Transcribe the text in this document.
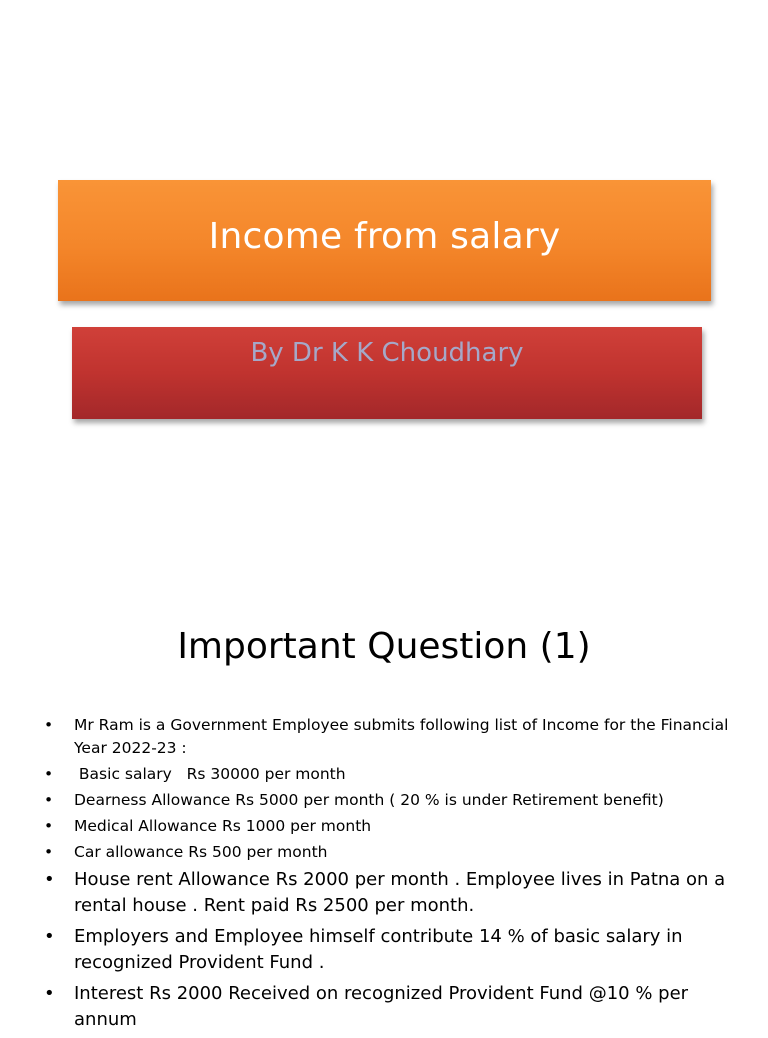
Income from salary
By Dr K K Choudhary
Important Question (1)
• Mr Ram is a Government Employee submits following list of Income for the Financial Year 2022-23 :
• Basic salary   Rs 30000 per month
• Dearness Allowance Rs 5000 per month ( 20 % is under Retirement benefit)
• Medical Allowance Rs 1000 per month
• Car allowance Rs 500 per month
• House rent Allowance Rs 2000 per month . Employee lives in Patna on a rental house . Rent paid Rs 2500 per month.
• Employers and Employee himself contribute 14 % of basic salary in recognized Provident Fund .
• Interest Rs 2000 Received on recognized Provident Fund @10 % per annum
